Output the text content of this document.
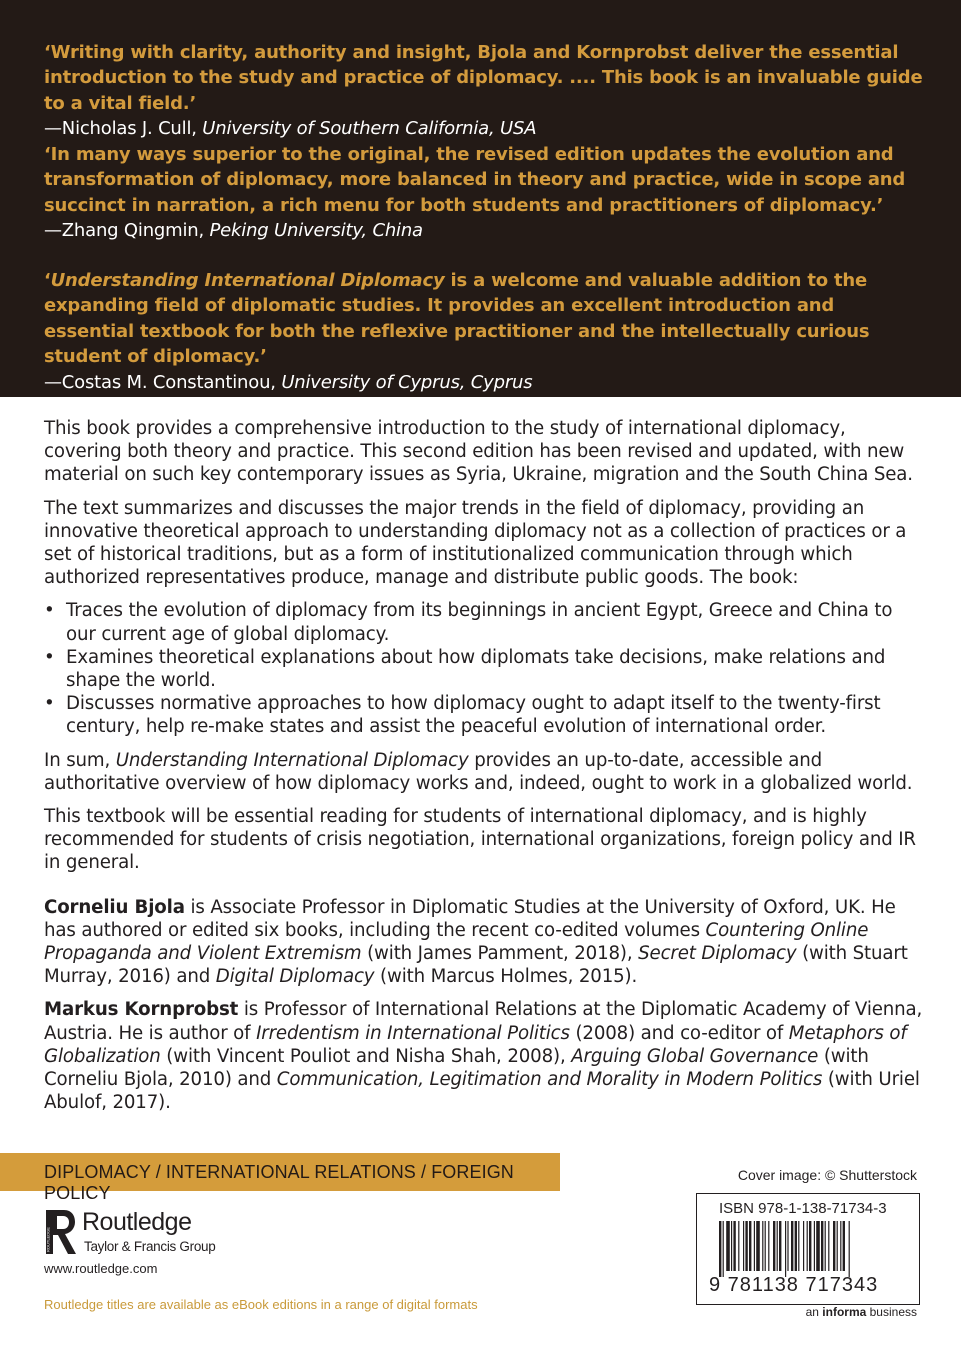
‘Writing with clarity, authority and insight, Bjola and Kornprobst deliver the essential introduction to the study and practice of diplomacy. .... This book is an invaluable guide to a vital field.’
—Nicholas J. Cull, University of Southern California, USA
‘In many ways superior to the original, the revised edition updates the evolution and transformation of diplomacy, more balanced in theory and practice, wide in scope and succinct in narration, a rich menu for both students and practitioners of diplomacy.’
—Zhang Qingmin, Peking University, China
‘Understanding International Diplomacy is a welcome and valuable addition to the expanding field of diplomatic studies. It provides an excellent introduction and essential textbook for both the reflexive practitioner and the intellectually curious student of diplomacy.’
—Costas M. Constantinou, University of Cyprus, Cyprus

This book provides a comprehensive introduction to the study of international diplomacy, covering both theory and practice. This second edition has been revised and updated, with new material on such key contemporary issues as Syria, Ukraine, migration and the South China Sea.

The text summarizes and discusses the major trends in the field of diplomacy, providing an innovative theoretical approach to understanding diplomacy not as a collection of practices or a set of historical traditions, but as a form of institutionalized communication through which authorized representatives produce, manage and distribute public goods. The book:

• Traces the evolution of diplomacy from its beginnings in ancient Egypt, Greece and China to our current age of global diplomacy.
• Examines theoretical explanations about how diplomats take decisions, make relations and shape the world.
• Discusses normative approaches to how diplomacy ought to adapt itself to the twenty-first century, help re-make states and assist the peaceful evolution of international order.

In sum, Understanding International Diplomacy provides an up-to-date, accessible and authoritative overview of how diplomacy works and, indeed, ought to work in a globalized world.

This textbook will be essential reading for students of international diplomacy, and is highly recommended for students of crisis negotiation, international organizations, foreign policy and IR in general.

Corneliu Bjola is Associate Professor in Diplomatic Studies at the University of Oxford, UK. He has authored or edited six books, including the recent co-edited volumes Countering Online Propaganda and Violent Extremism (with James Pamment, 2018), Secret Diplomacy (with Stuart Murray, 2016) and Digital Diplomacy (with Marcus Holmes, 2015).

Markus Kornprobst is Professor of International Relations at the Diplomatic Academy of Vienna, Austria. He is author of Irredentism in International Politics (2008) and co-editor of Metaphors of Globalization (with Vincent Pouliot and Nisha Shah, 2008), Arguing Global Governance (with Corneliu Bjola, 2010) and Communication, Legitimation and Morality in Modern Politics (with Uriel Abulof, 2017).

DIPLOMACY / INTERNATIONAL RELATIONS / FOREIGN POLICY
Cover image: © Shutterstock
ROUTLEDGE
Routledge
Taylor & Francis Group
www.routledge.com
Routledge titles are available as eBook editions in a range of digital formats
ISBN 978-1-138-71734-3
9 781138 717343
an informa business
